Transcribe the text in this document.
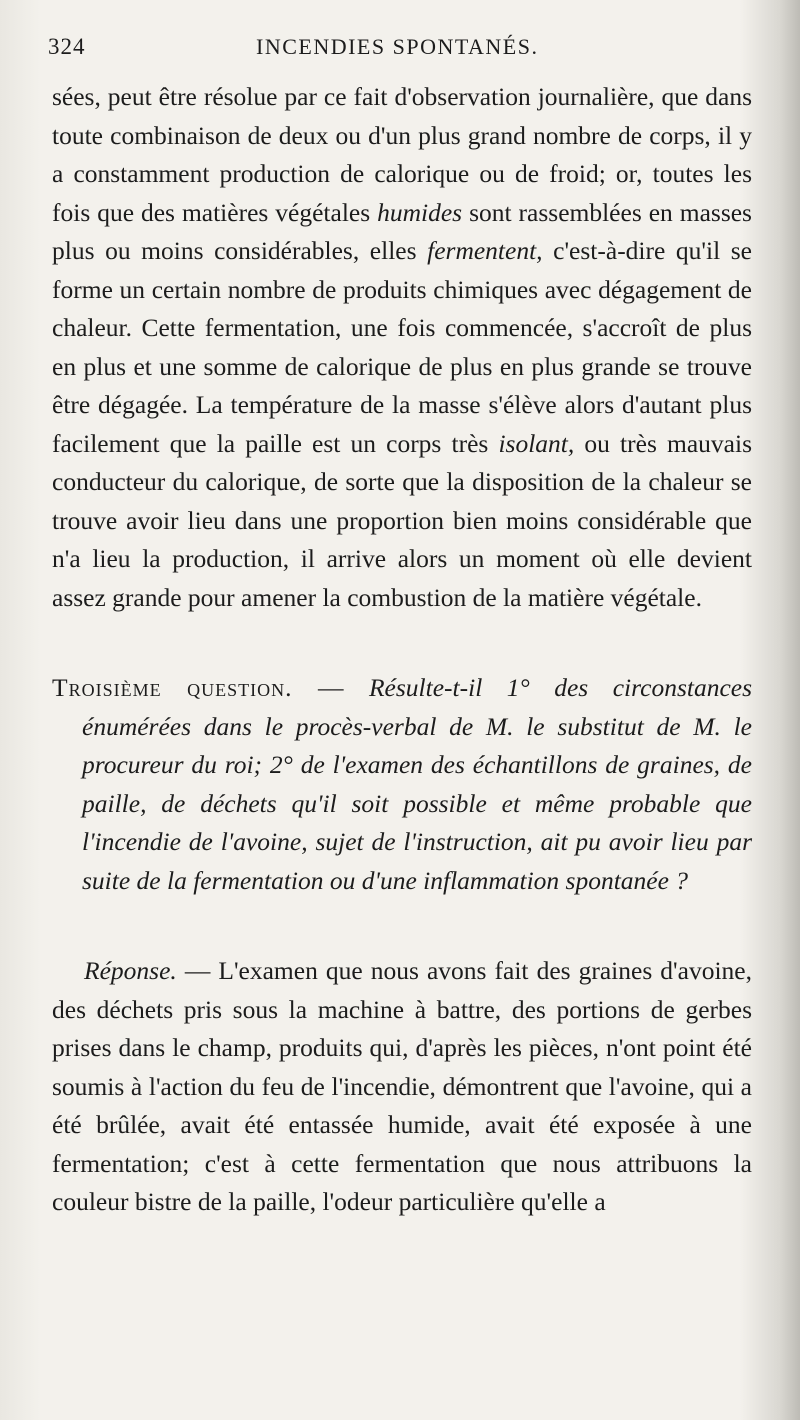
324	INCENDIES SPONTANÉS.

sées, peut être résolue par ce fait d'observation journalière, que dans toute combinaison de deux ou d'un plus grand nombre de corps, il y a constamment production de calorique ou de froid; or, toutes les fois que des matières végétales humides sont rassemblées en masses plus ou moins considérables, elles fermentent, c'est-à-dire qu'il se forme un certain nombre de produits chimiques avec dégagement de chaleur. Cette fermentation, une fois commencée, s'accroît de plus en plus et une somme de calorique de plus en plus grande se trouve être dégagée. La température de la masse s'élève alors d'autant plus facilement que la paille est un corps très isolant, ou très mauvais conducteur du calorique, de sorte que la disposition de la chaleur se trouve avoir lieu dans une proportion bien moins considérable que n'a lieu la production, il arrive alors un moment où elle devient assez grande pour amener la combustion de la matière végétale.

Troisième question. — Résulte-t-il 1° des circonstances énumérées dans le procès-verbal de M. le substitut de M. le procureur du roi; 2° de l'examen des échantillons de graines, de paille, de déchets qu'il soit possible et même probable que l'incendie de l'avoine, sujet de l'instruction, ait pu avoir lieu par suite de la fermentation ou d'une inflammation spontanée ?

Réponse. — L'examen que nous avons fait des graines d'avoine, des déchets pris sous la machine à battre, des portions de gerbes prises dans le champ, produits qui, d'après les pièces, n'ont point été soumis à l'action du feu de l'incendie, démontrent que l'avoine, qui a été brûlée, avait été entassée humide, avait été exposée à une fermentation; c'est à cette fermentation que nous attribuons la couleur bistre de la paille, l'odeur particulière qu'elle a
